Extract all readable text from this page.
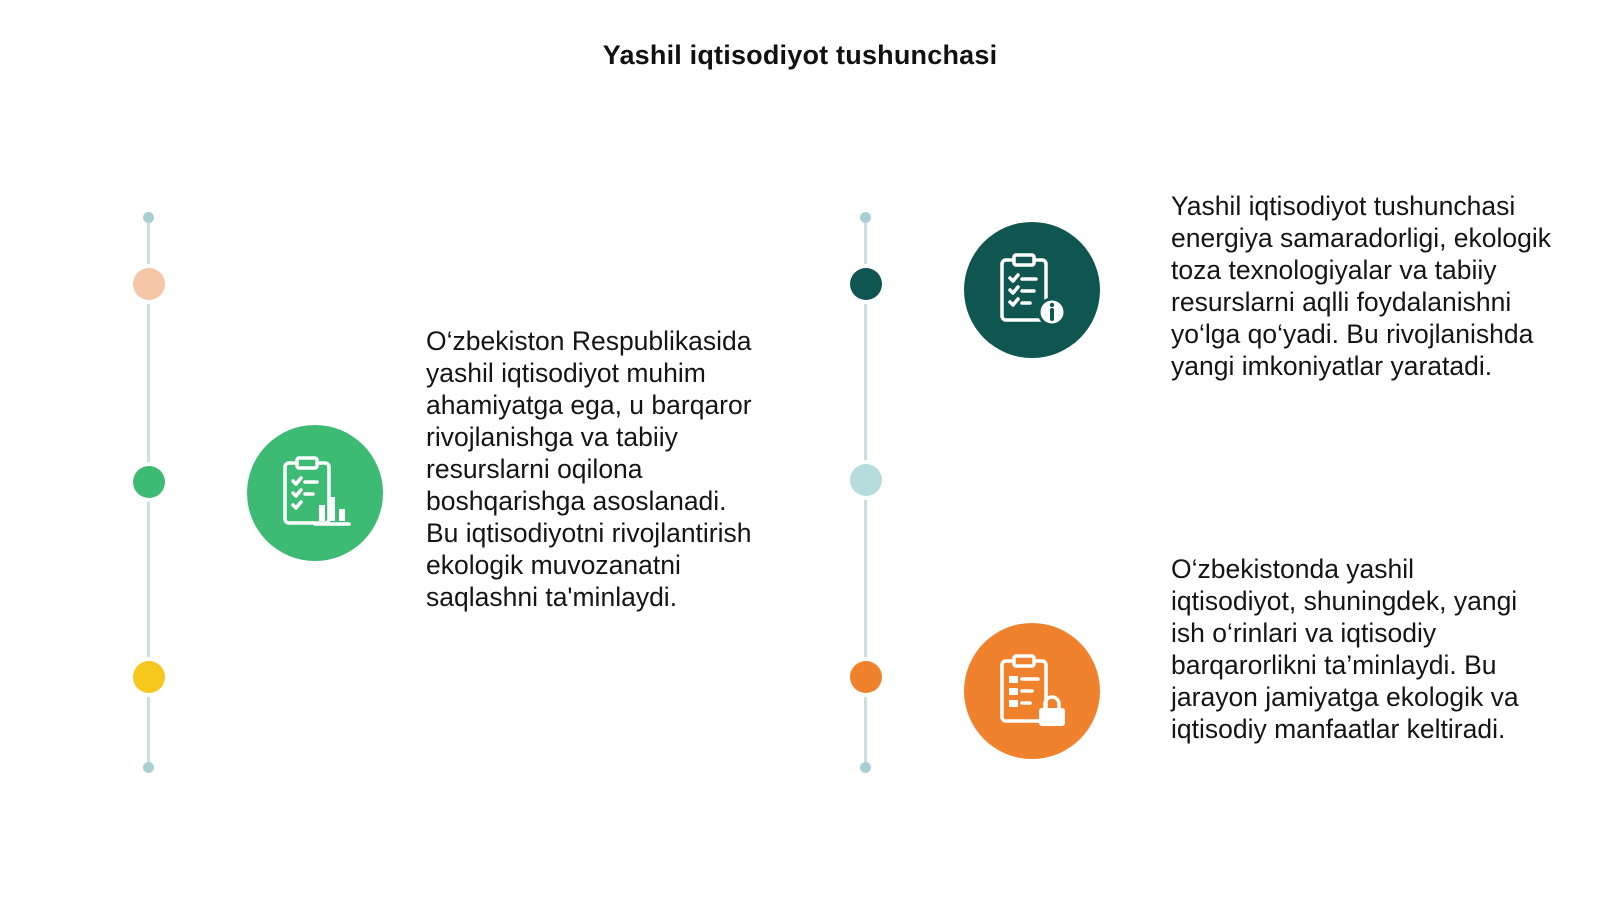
Yashil iqtisodiyot tushunchasi

O‘zbekiston Respublikasida yashil iqtisodiyot muhim ahamiyatga ega, u barqaror rivojlanishga va tabiiy resurslarni oqilona boshqarishga asoslanadi. Bu iqtisodiyotni rivojlantirish ekologik muvozanatni saqlashni ta'minlaydi.

Yashil iqtisodiyot tushunchasi energiya samaradorligi, ekologik toza texnologiyalar va tabiiy resurslarni aqlli foydalanishni yo‘lga qo‘yadi. Bu rivojlanishda yangi imkoniyatlar yaratadi.

O‘zbekistonda yashil iqtisodiyot, shuningdek, yangi ish o‘rinlari va iqtisodiy barqarorlikni ta’minlaydi. Bu jarayon jamiyatga ekologik va iqtisodiy manfaatlar keltiradi.
